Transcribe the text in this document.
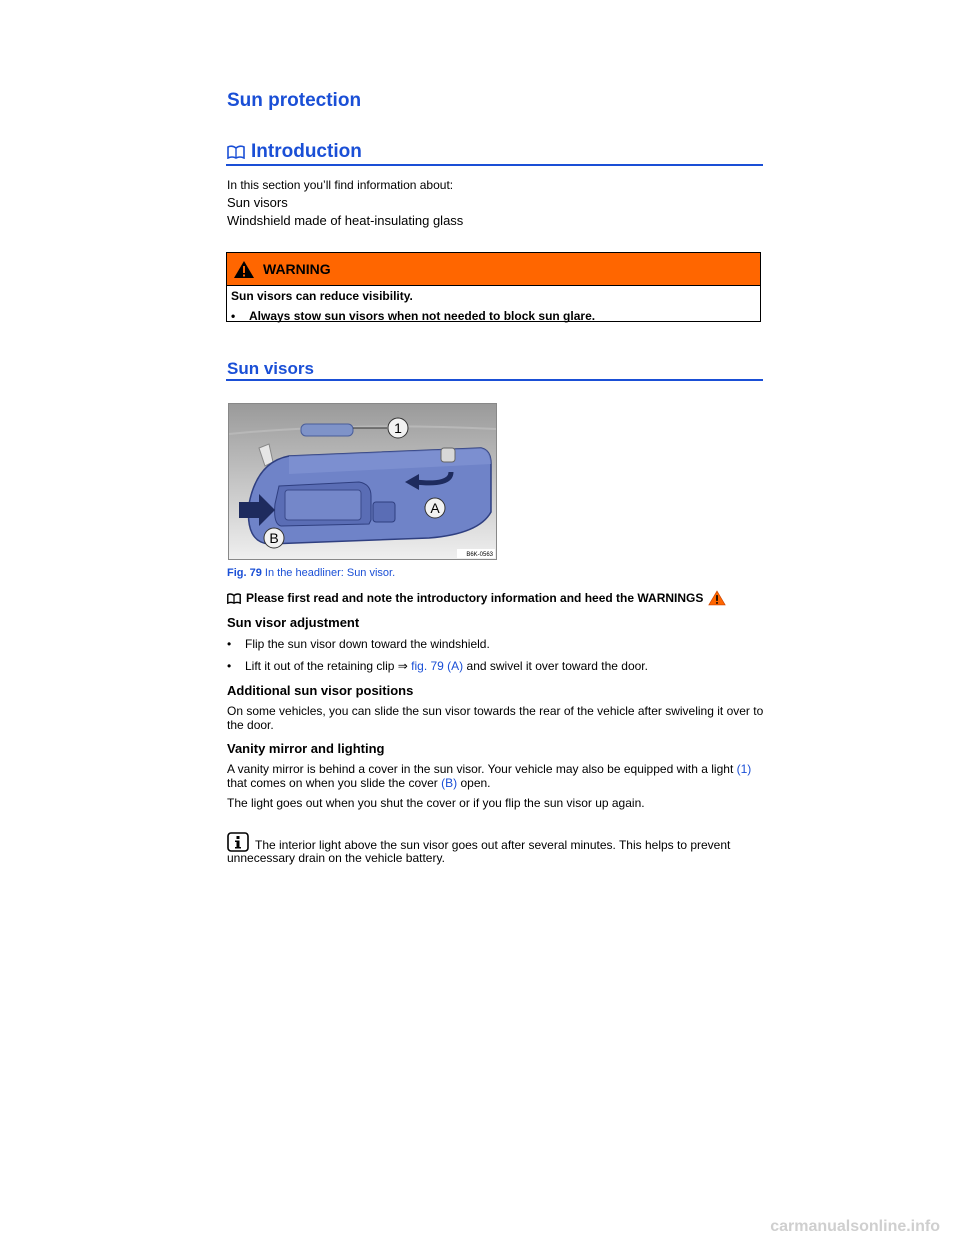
Sun protection
Introduction
In this section you’ll find information about:
Sun visors
Windshield made of heat-insulating glass
WARNING
Sun visors can reduce visibility.
• Always stow sun visors when not needed to block sun glare.
Sun visors
1
A
B
B6K-0563
Fig. 79 In the headliner: Sun visor.
Please first read and note the introductory information and heed the WARNINGS
Sun visor adjustment
• Flip the sun visor down toward the windshield.
• Lift it out of the retaining clip ⇒ fig. 79 (A) and swivel it over toward the door.
Additional sun visor positions
On some vehicles, you can slide the sun visor towards the rear of the vehicle after swiveling it over to
the door.
Vanity mirror and lighting
A vanity mirror is behind a cover in the sun visor. Your vehicle may also be equipped with a light (1)
that comes on when you slide the cover (B) open.
The light goes out when you shut the cover or if you flip the sun visor up again.
The interior light above the sun visor goes out after several minutes. This helps to prevent
unnecessary drain on the vehicle battery.
carmanualsonline.info
